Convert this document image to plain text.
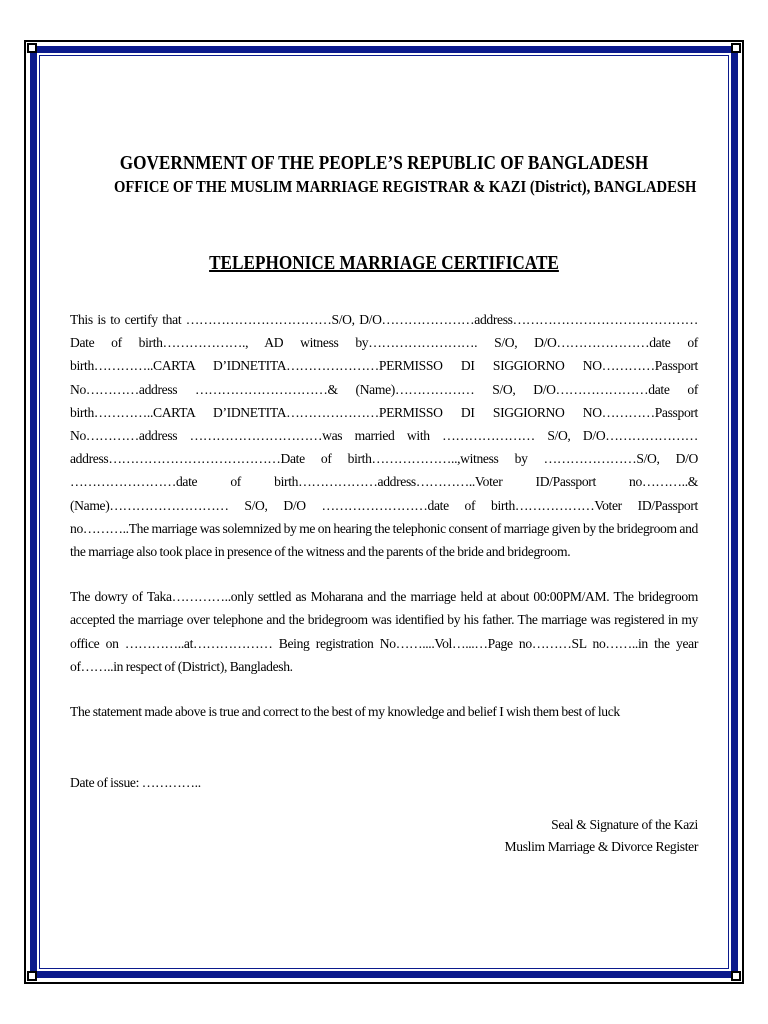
GOVERNMENT OF THE PEOPLE’S REPUBLIC OF BANGLADESH
OFFICE OF THE MUSLIM MARRIAGE REGISTRAR & KAZI (District), BANGLADESH
TELEPHONICE MARRIAGE CERTIFICATE

This is to certify that ……………………………S/O, D/O…………………address……………………………………Date of birth………………., AD witness by……………………. S/O, D/O…………………date of birth…………..CARTA D’IDNETITA…………………PERMISSO DI SIGGIORNO NO…………Passport No…………address …………………………& (Name)……………… S/O, D/O…………………date of birth…………..CARTA D’IDNETITA…………………PERMISSO DI SIGGIORNO NO…………Passport No…………address …………………………was married with ………………… S/O, D/O…………………address…………………………………Date of birth………………..,witness by …………………S/O, D/O ……………………date of birth………………address…………..Voter ID/Passport no………..& (Name)……………………… S/O, D/O ……………………date of birth………………Voter ID/Passport no………..The marriage was solemnized by me on hearing the telephonic consent of marriage given by the bridegroom and the marriage also took place in presence of the witness and the parents of the bride and bridegroom.

The dowry of Taka…………..only settled as Moharana and the marriage held at about 00:00PM/AM. The bridegroom accepted the marriage over telephone and the bridegroom was identified by his father. The marriage was registered in my office on …………..at……………… Being registration No……....Vol…...…Page no………SL no……..in the year of……..in respect of (District), Bangladesh.

The statement made above is true and correct to the best of my knowledge and belief I wish them best of luck

Date of issue: …………..

Seal & Signature of the Kazi
Muslim Marriage & Divorce Register
